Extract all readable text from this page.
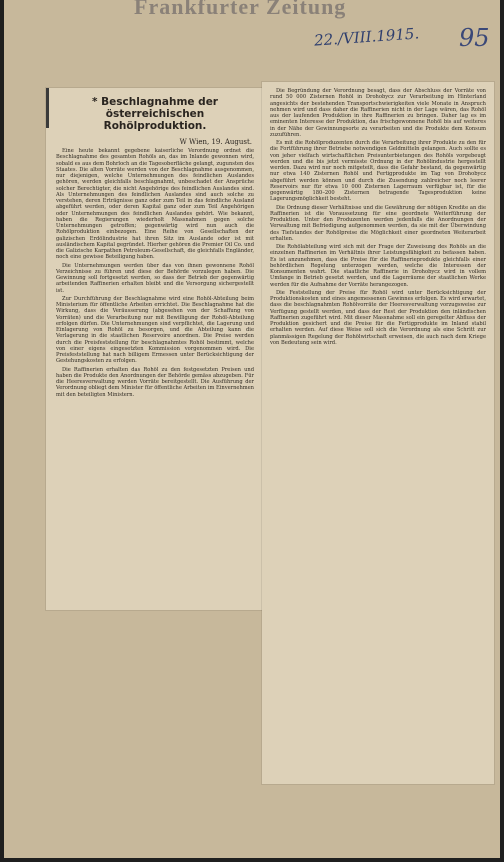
Frankfurter Zeitung
22./VIII.1915. 95
* Beschlagnahme der österreichischen Rohölproduktion.
W Wien, 19. August.

Eine heute bekannt gegebene kaiserliche Verordnung ordnet die Beschlagnahme des gesamten Rohöls an, das im Inlande gewonnen wird, sobald es aus dem Bohrloch an die Tagesoberfläche gelangt, zugunsten des Staates. Die alten Vorräte werden von der Beschlagnahme ausgenommen, nur diejenigen, welche Unternehmungen des feindlichen Auslandes gehören, werden gleichfalls beschlagnahmt, unbeschadet der Ansprüche solcher Berechtigter, die nicht Angehörige des feindlichen Auslandes sind. Als Unternehmungen des feindlichen Auslandes sind auch solche zu verstehen, deren Erträgnisse ganz oder zum Teil in das feindliche Ausland abgeführt werden, oder deren Kapital ganz oder zum Teil Angehörigen oder Unternehmungen des feindlichen Auslandes gehört. Wie bekannt, haben die Regierungen wiederholt Massnahmen gegen solche Unternehmungen getroffen; gegenwärtig wird nun auch die Rohölproduktion einbezogen. Eine Reihe von Gesellschaften der galizischen Erdölindustrie hat ihren Sitz im Auslande oder ist mit ausländischem Kapital gegründet. Hierher gehören die Premier Oil Co. und die Galizische Karpathen Petroleum-Gesellschaft, die gleichfalls Engländer, noch eine gewisse Beteiligung haben.

Die Unternehmungen werden über das von ihnen gewonnene Rohöl Verzeichnisse zu führen und diese der Behörde vorzulegen haben. Die Gewinnung soll fortgesetzt werden, so dass der Betrieb der gegenwärtig arbeitenden Raffinerien erhalten bleibt und die Versorgung sichergestellt ist.

Zur Durchführung der Beschlagnahme wird eine Rohöl-Abteilung beim Ministerium für öffentliche Arbeiten errichtet. Die Beschlagnahme hat die Wirkung, dass die Veräusserung (abgesehen von der Schaffung von Vorräten) und die Verarbeitung nur mit Bewilligung der Rohöl-Abteilung erfolgen dürfen. Die Unternehmungen sind verpflichtet, die Lagerung und Einlagerung von Rohöl zu besorgen, und die Abteilung kann die Verlagerung in die staatlichen Reservoire anordnen. Die Preise werden durch die Preisfeststellung für beschlagnahmtes Rohöl bestimmt, welche von einer eigens eingesetzten Kommission vorgenommen wird. Die Preisfeststellung hat nach billigem Ermessen unter Berücksichtigung der Gestehungskosten zu erfolgen.

Die Raffinerien erhalten das Rohöl zu den festgesetzten Preisen und haben die Produkte den Anordnungen der Behörde gemäss abzugeben. Für die Heeresverwaltung werden Vorräte bereitgestellt. Die Ausführung der Verordnung obliegt dem Minister für öffentliche Arbeiten im Einvernehmen mit den beteiligten Ministern.

Die Begründung der Verordnung besagt, dass der Abschluss der Vorräte von rund 50 000 Zisternen Rohöl in Drohobycz zur Verarbeitung im Hinterland angesichts der bestehenden Transportschwierigkeiten viele Monate in Anspruch nehmen wird und dass daher die Raffinerien nicht in der Lage wären, das Rohöl aus der laufenden Produktion in ihre Raffinerien zu bringen. Daher lag es im eminenten Interesse der Produktion, das frischgewonnene Rohöl bis auf weiteres in der Nähe der Gewinnungsorte zu verarbeiten und die Produkte dem Konsum zuzuführen.

Es mit die Rohölproduzenten durch die Verarbeitung ihrer Produkte zu den für die Fortführung ihrer Betriebe notwendigen Geldmitteln gelangen. Auch sollte es von jeher vielfach wirtschaftlichen Preisunterbietungen des Rohöls vorgebeugt werden und die bis jetzt vermisste Ordnung in der Rohölindustrie hergestellt werden. Dazu wird nur noch mitgeteilt, dass die Gefahr bestand, da gegenwärtig nur etwa 140 Zisternen Rohöl und Fertigprodukte im Tag von Drohobycz abgeführt werden können und durch die Zusendung zahlreicher noch leerer Reservoirs nur für etwa 10 000 Zisternen Lagerraum verfügbar ist, für die gegenwärtig 180–200 Zisternen betragende Tagesproduktion keine Lagerungsmöglichkeit besteht.

Die Ordnung dieser Verhältnisse und die Gewährung der nötigen Kredite an die Raffinerien ist die Voraussetzung für eine geordnete Weiterführung der Produktion. Unter den Produzenten werden jedenfalls die Anordnungen der Verwaltung mit Befriedigung aufgenommen werden, da sie mit der Überwindung des Tiefstandes der Rohölpreise die Möglichkeit einer geordneten Weiterarbeit erhalten.

Die Rohölabteilung wird sich mit der Frage der Zuweisung des Rohöls an die einzelnen Raffinerien im Verhältnis ihrer Leistungsfähigkeit zu befassen haben. Es ist anzunehmen, dass die Preise für die Raffinerieprodukte gleichfalls einer behördlichen Regelung unterzogen werden, welche die Interessen der Konsumenten wahrt. Die staatliche Raffinerie in Drohobycz wird in vollem Umfange in Betrieb gesetzt werden, und die Lagerräume der staatlichen Werke werden für die Aufnahme der Vorräte herangezogen.

Die Feststellung der Preise für Rohöl wird unter Berücksichtigung der Produktionskosten und eines angemessenen Gewinnes erfolgen. Es wird erwartet, dass die beschlagnahmten Rohölvorräte der Heeresverwaltung vorzugsweise zur Verfügung gestellt werden, und dass der Rest der Produktion den inländischen Raffinerien zugeführt wird. Mit dieser Massnahme soll ein geregelter Abfluss der Produktion gesichert und die Preise für die Fertigprodukte im Inland stabil erhalten werden. Auf diese Weise soll sich die Verordnung als eine Schritt zur planmässigen Regelung der Rohölwirtschaft erweisen, die auch nach dem Kriege von Bedeutung sein wird.
